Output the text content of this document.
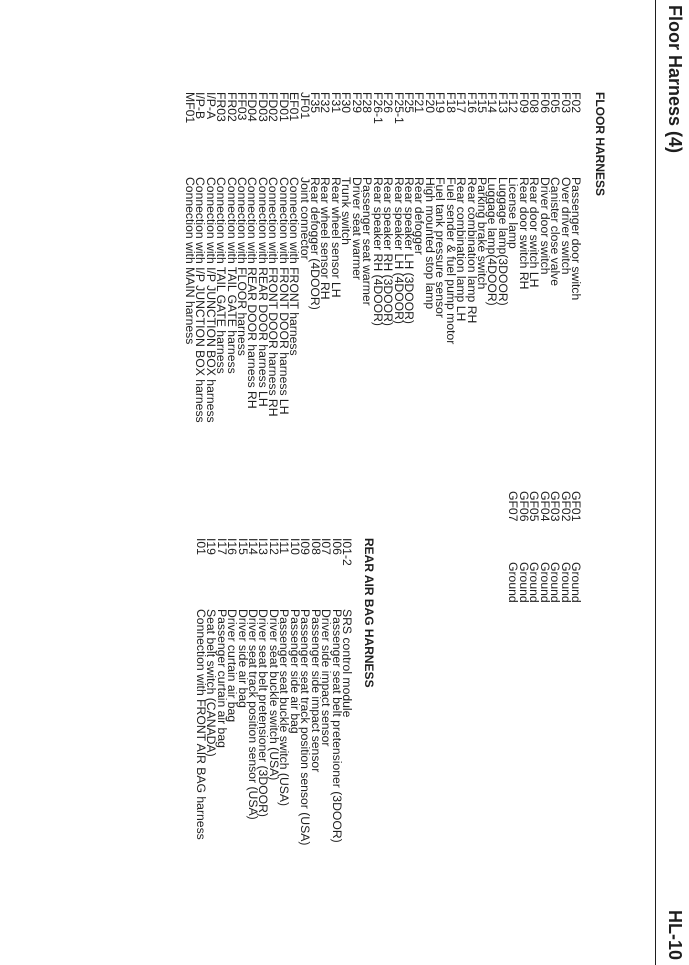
Floor Harness (4)
HL-10
FLOOR HARNESS
F02
Passenger door switch
F03
Over driver switch
F05
Canister close valve
F06
Driver door switch
F08
Rear door switch LH
F09
Rear door switch RH
F12
License lamp
F13
Luggage lamp(3DOOR)
F14
Luggage lamp(4DOOR)
F15
Parking brake switch
F16
Rear combination lamp RH
F17
Rear combination lamp LH
F18
Fuel sender & fuel pump motor
F19
Fuel tank pressure sensor
F20
High mounted stop lamp
F21
Rear defogger
F25
Rear speaker LH (3DOOR)
F25-1
Rear speaker LH (4DOOR)
F26
Rear speaker RH (3DOOR)
F26-1
Rear speaker RH (4DOOR)
F28
Passenger seat warmer
F29
Driver seat warmer
F30
Trunk switch
F31
Rear wheel sensor LH
F32
Rear wheel sensor RH
F35
Rear defogger (4DOOR)
JF01
Joint connector
EF01
Connection with FRONT harness
FD01
Connection with FRONT DOOR harness LH
FD02
Connection with FRONT DOOR harness RH
FD03
Connection with REAR DOOR harness LH
FD04
Connection with REAR DOOR harness RH
FF03
Connection with FLOOR harness
FR02
Connection with TAIL GATE harness
FR03
Connection with TAIL GATE harness
I/P-A
Connection with I/P JUNCTION BOX harness
I/P-B
Connection with I/P JUNCTION BOX harness
MF01
Connection with MAIN harness
GF01
Ground
GF02
Ground
GF03
Ground
GF04
Ground
GF05
Ground
GF06
Ground
GF07
Ground
REAR AIR BAG HARNESS
I01-2
SRS control module
I06
Passenger seat belt pretensioner (3DOOR)
I07
Driver side impact sensor
I08
Passenger side impact sensor
I09
Passenger seat track position sensor (USA)
I10
Passenger side air bag
I11
Passenger seat buckle switch (USA)
I12
Driver seat buckle switch (USA)
I13
Driver seat belt pretensioner (3DOOR)
I14
Driver seat track position sensor (USA)
I15
Driver side air bag
I16
Driver curtain air bag
I17
Passenger curtain air bag
I19
Seat belt switch (CANADA)
I01
Connection with FRONT AIR BAG harness
